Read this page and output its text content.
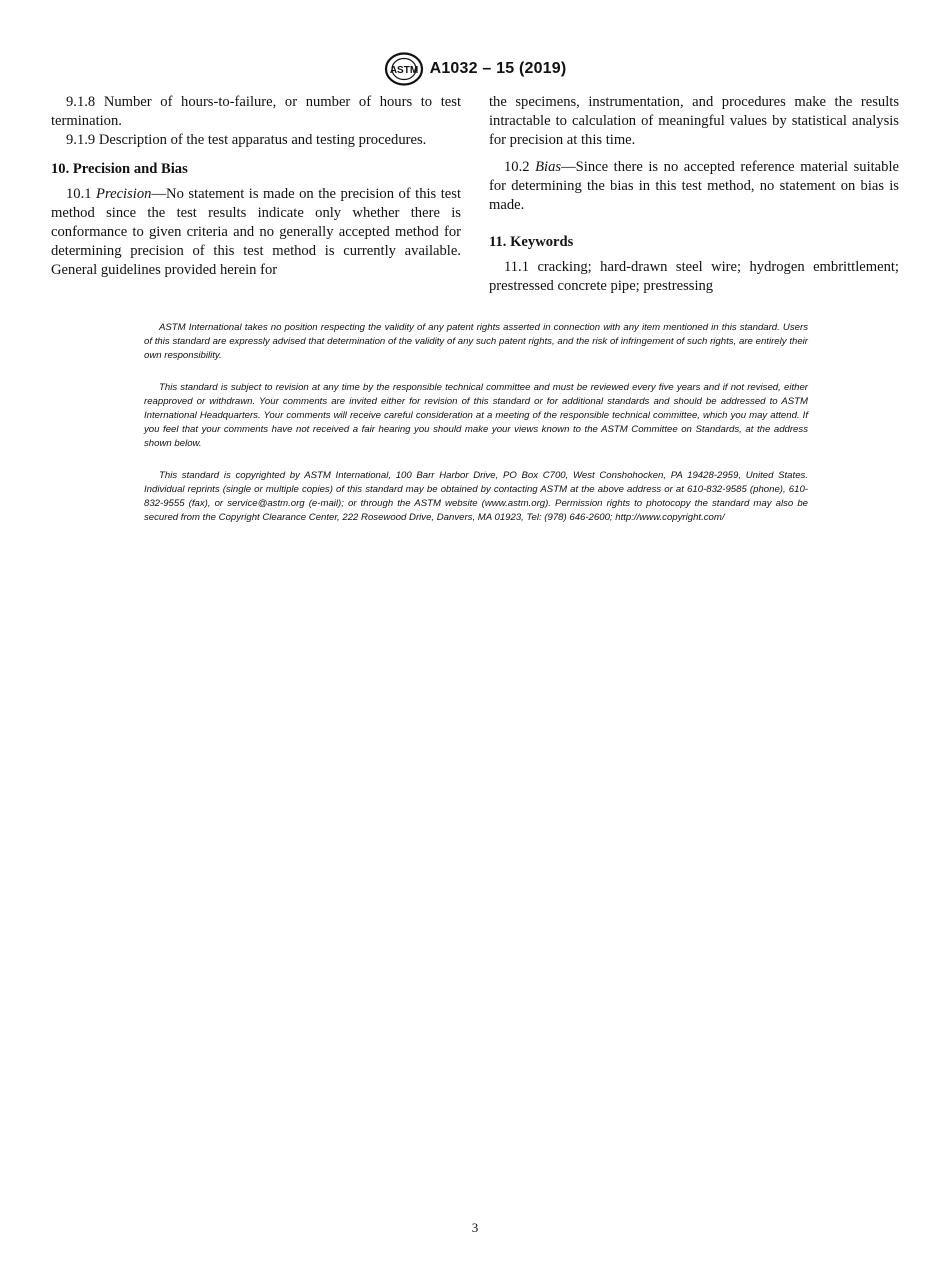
ASTM A1032 – 15 (2019)

9.1.8 Number of hours-to-failure, or number of hours to test termination.

9.1.9 Description of the test apparatus and testing procedures.

10. Precision and Bias

10.1 Precision—No statement is made on the precision of this test method since the test results indicate only whether there is conformance to given criteria and no generally accepted method for determining precision of this test method is currently available. General guidelines provided herein for

the specimens, instrumentation, and procedures make the results intractable to calculation of meaningful values by statistical analysis for precision at this time.

10.2 Bias—Since there is no accepted reference material suitable for determining the bias in this test method, no statement on bias is made.

11. Keywords

11.1 cracking; hard-drawn steel wire; hydrogen embrittlement; prestressed concrete pipe; prestressing

ASTM International takes no position respecting the validity of any patent rights asserted in connection with any item mentioned in this standard. Users of this standard are expressly advised that determination of the validity of any such patent rights, and the risk of infringement of such rights, are entirely their own responsibility.

This standard is subject to revision at any time by the responsible technical committee and must be reviewed every five years and if not revised, either reapproved or withdrawn. Your comments are invited either for revision of this standard or for additional standards and should be addressed to ASTM International Headquarters. Your comments will receive careful consideration at a meeting of the responsible technical committee, which you may attend. If you feel that your comments have not received a fair hearing you should make your views known to the ASTM Committee on Standards, at the address shown below.

This standard is copyrighted by ASTM International, 100 Barr Harbor Drive, PO Box C700, West Conshohocken, PA 19428-2959, United States. Individual reprints (single or multiple copies) of this standard may be obtained by contacting ASTM at the above address or at 610-832-9585 (phone), 610-832-9555 (fax), or service@astm.org (e-mail); or through the ASTM website (www.astm.org). Permission rights to photocopy the standard may also be secured from the Copyright Clearance Center, 222 Rosewood Drive, Danvers, MA 01923, Tel: (978) 646-2600; http://www.copyright.com/

3
